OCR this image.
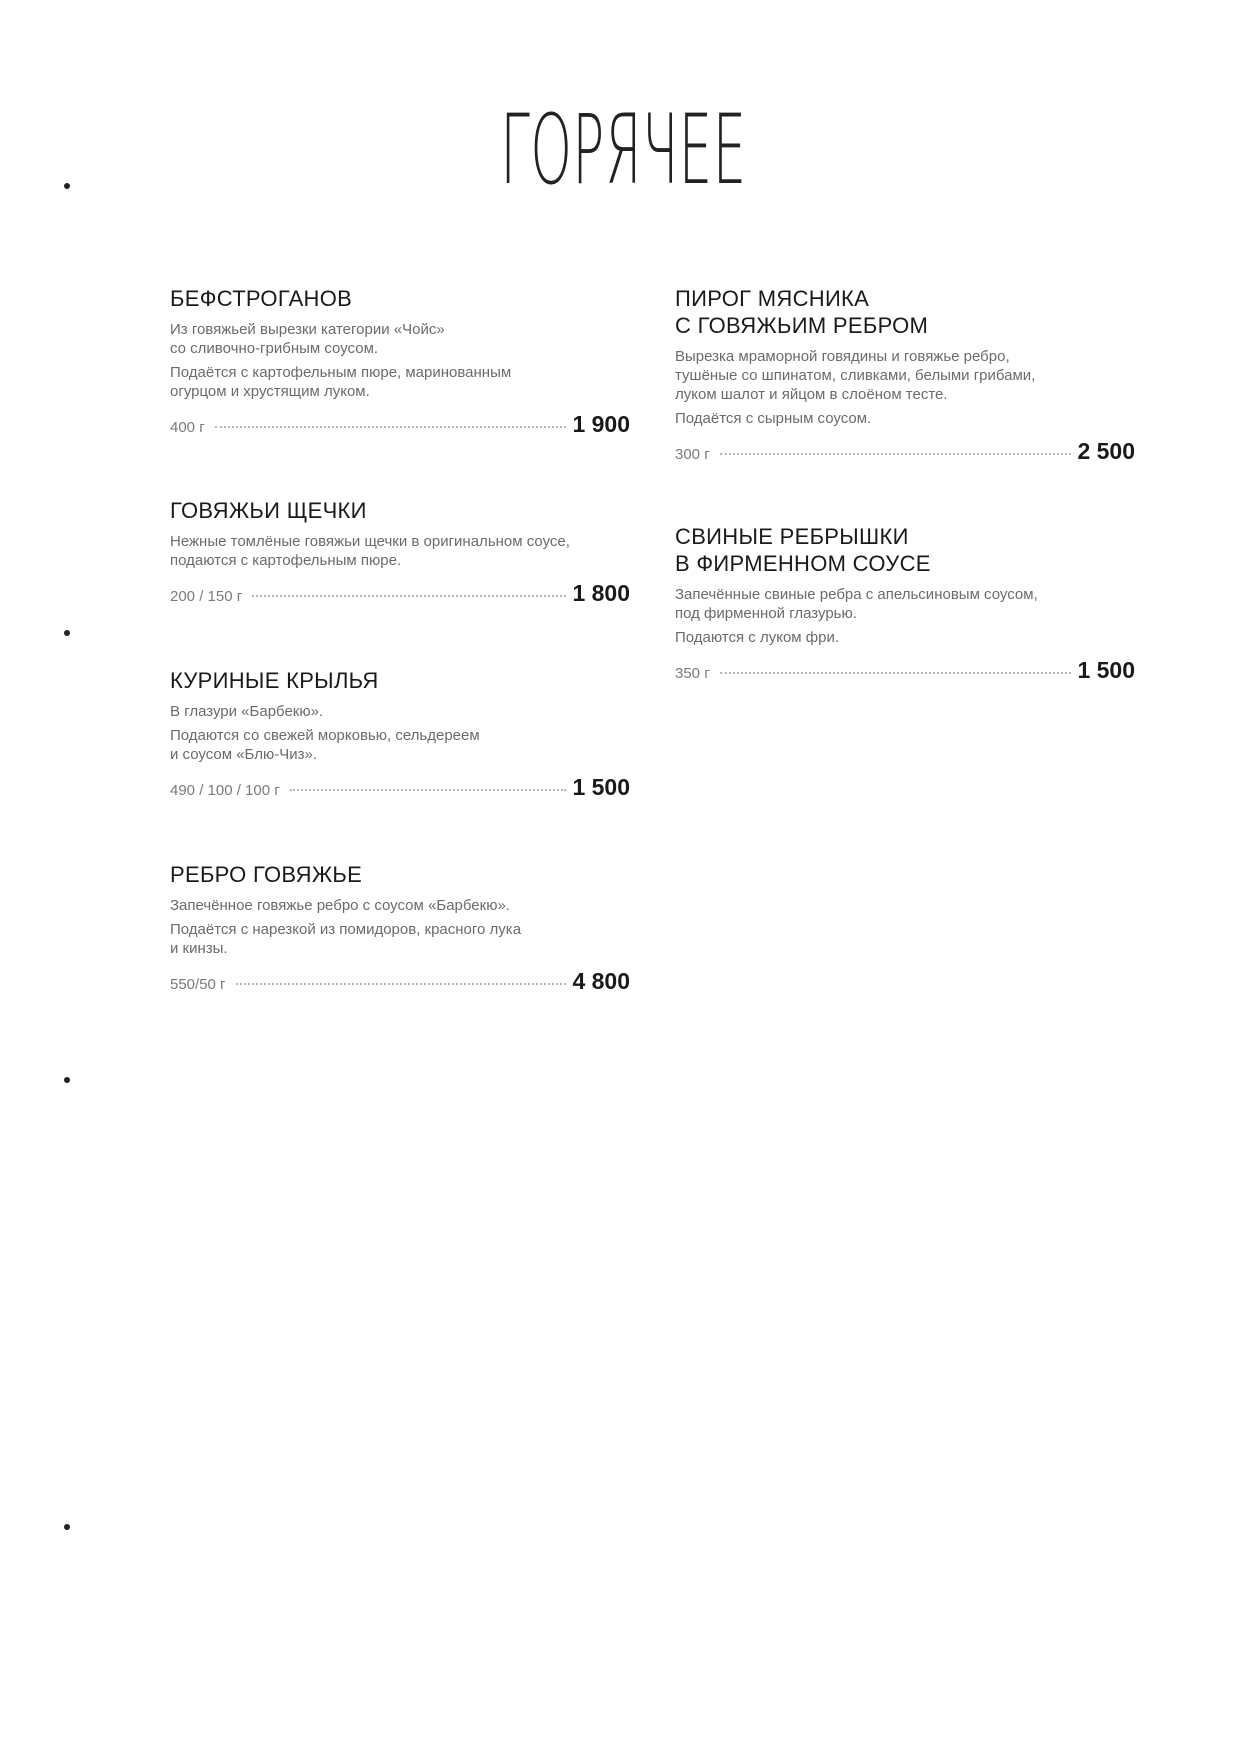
ГОРЯЧЕЕ
БЕФСТРОГАНОВ
Из говяжьей вырезки категории «Чойс»
со сливочно-грибным соусом.
Подаётся с картофельным пюре, маринованным
огурцом и хрустящим луком.
400 г	1 900
ГОВЯЖЬИ ЩЕЧКИ
Нежные томлёные говяжьи щечки в оригинальном соусе,
подаются с картофельным пюре.
200 / 150 г	1 800
КУРИНЫЕ КРЫЛЬЯ
В глазури «Барбекю».
Подаются со свежей морковью, сельдереем
и соусом «Блю-Чиз».
490 / 100 / 100 г	1 500
РЕБРО ГОВЯЖЬЕ
Запечённое говяжье ребро с соусом «Барбекю».
Подаётся с нарезкой из помидоров, красного лука
и кинзы.
550/50 г	4 800
ПИРОГ МЯСНИКА
С ГОВЯЖЬИМ РЕБРОМ
Вырезка мраморной говядины и говяжье ребро,
тушёные со шпинатом, сливками, белыми грибами,
луком шалот и яйцом в слоёном тесте.
Подаётся с сырным соусом.
300 г	2 500
СВИНЫЕ РЕБРЫШКИ
В ФИРМЕННОМ СОУСЕ
Запечённые свиные ребра с апельсиновым соусом,
под фирменной глазурью.
Подаются с луком фри.
350 г	1 500
